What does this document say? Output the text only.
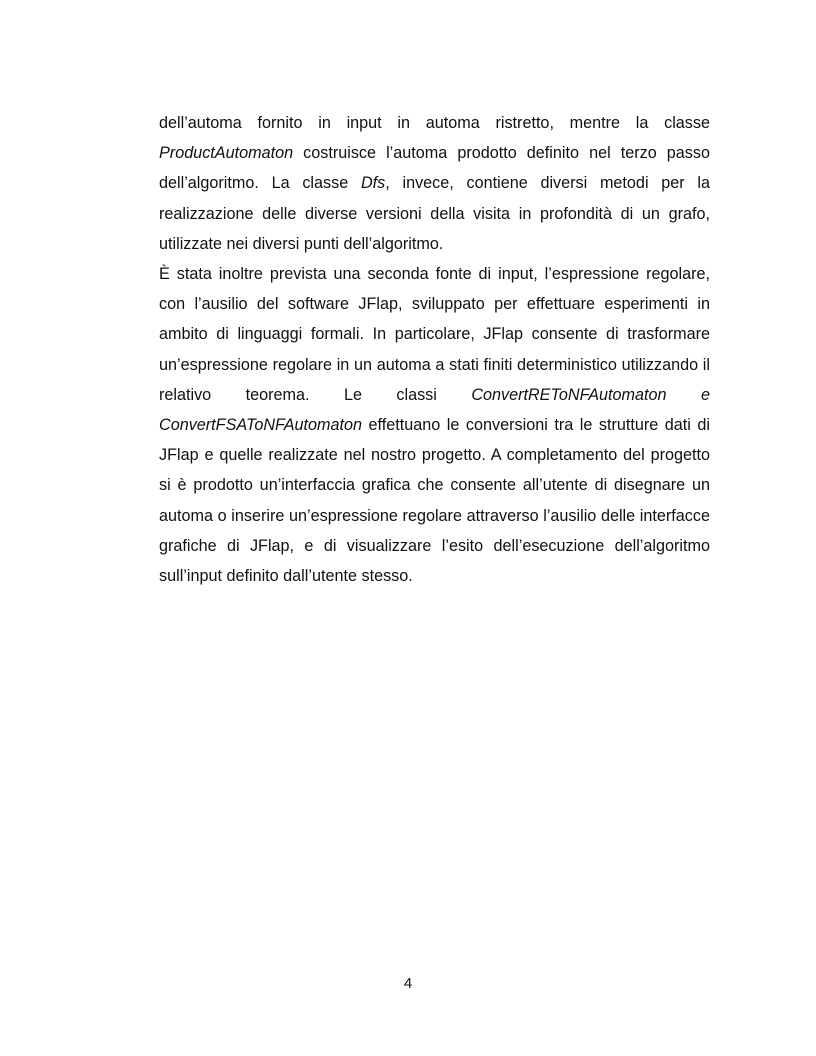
dell’automa fornito in input in automa ristretto, mentre la classe ProductAutomaton costruisce l’automa prodotto definito nel terzo passo dell’algoritmo. La classe Dfs, invece, contiene diversi metodi per la realizzazione delle diverse versioni della visita in profondità di un grafo, utilizzate nei diversi punti dell’algoritmo.

È stata inoltre prevista una seconda fonte di input, l’espressione regolare, con l’ausilio del software JFlap, sviluppato per effettuare esperimenti in ambito di linguaggi formali. In particolare, JFlap consente di trasformare un’espressione regolare in un automa a stati finiti deterministico utilizzando il relativo teorema. Le classi ConvertREToNFAutomaton e ConvertFSAToNFAutomaton effettuano le conversioni tra le strutture dati di JFlap e quelle realizzate nel nostro progetto. A completamento del progetto si è prodotto un’interfaccia grafica che consente all’utente di disegnare un automa o inserire un’espressione regolare attraverso l’ausilio delle interfacce grafiche di JFlap, e di visualizzare l’esito dell’esecuzione dell’algoritmo sull’input definito dall’utente stesso.

4
